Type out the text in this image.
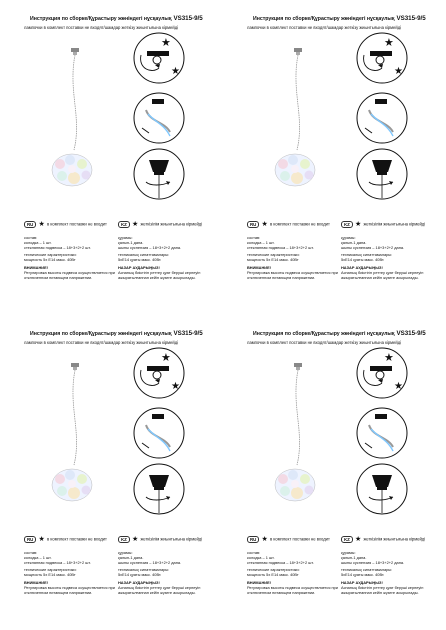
Инструкция по сборке/Құрастыру жөніндегі нұсқаулық VS315-9/5
лампочки в комплект поставки не входят/шамдар жеткізу жиынтығына кірмейді
★
★
RU ★ в комплект поставки не входит	KZ ★ жеткізілім жиынтығына кірмейді
состав:
колодка – 1 шт.
стеклянная подвеска – 18+3+2+2 шт.
технические характеристики:
мощность 5х E14 макс. 40Вт
ВНИМАНИЕ!
Регулировка высоты подвеса осуществляется при отключенном питающем напряжении.
құрамы:
қалып-1 дана.
шыны суспензия – 18+3+2+2 дана.
техникалық сипаттамалары:
5хE14 қуаты макс. 40Вт.
НАЗАР АУДАРЫҢЫЗ!
Аспаның биіктігін реттеу қуат берушi кернеуiн ажыратылғаннан кейiн жүзеге асырылады.
Инструкция по сборке/Құрастыру жөніндегі нұсқаулық VS315-9/5
лампочки в комплект поставки не входят/шамдар жеткізу жиынтығына кірмейді
★
★
RU ★ в комплект поставки не входит	KZ ★ жеткізілім жиынтығына кірмейді
состав:
колодка – 1 шт.
стеклянная подвеска – 18+3+2+2 шт.
технические характеристики:
мощность 5х E14 макс. 40Вт
ВНИМАНИЕ!
Регулировка высоты подвеса осуществляется при отключенном питающем напряжении.
құрамы:
қалып-1 дана.
шыны суспензия – 18+3+2+2 дана.
техникалық сипаттамалары:
5хE14 қуаты макс. 40Вт.
НАЗАР АУДАРЫҢЫЗ!
Аспаның биіктігін реттеу қуат берушi кернеуiн ажыратылғаннан кейiн жүзеге асырылады.
Инструкция по сборке/Құрастыру жөніндегі нұсқаулық VS315-9/5
лампочки в комплект поставки не входят/шамдар жеткізу жиынтығына кірмейді
★
★
RU ★ в комплект поставки не входит	KZ ★ жеткізілім жиынтығына кірмейді
состав:
колодка – 1 шт.
стеклянная подвеска – 18+3+2+2 шт.
технические характеристики:
мощность 5х E14 макс. 40Вт
ВНИМАНИЕ!
Регулировка высоты подвеса осуществляется при отключенном питающем напряжении.
құрамы:
қалып-1 дана.
шыны суспензия – 18+3+2+2 дана.
техникалық сипаттамалары:
5хE14 қуаты макс. 40Вт.
НАЗАР АУДАРЫҢЫЗ!
Аспаның биіктігін реттеу қуат берушi кернеуiн ажыратылғаннан кейiн жүзеге асырылады.
Инструкция по сборке/Құрастыру жөніндегі нұсқаулық VS315-9/5
лампочки в комплект поставки не входят/шамдар жеткізу жиынтығына кірмейді
★
★
RU ★ в комплект поставки не входит	KZ ★ жеткізілім жиынтығына кірмейді
состав:
колодка – 1 шт.
стеклянная подвеска – 18+3+2+2 шт.
технические характеристики:
мощность 5х E14 макс. 40Вт
ВНИМАНИЕ!
Регулировка высоты подвеса осуществляется при отключенном питающем напряжении.
құрамы:
қалып-1 дана.
шыны суспензия – 18+3+2+2 дана.
техникалық сипаттамалары:
5хE14 қуаты макс. 40Вт.
НАЗАР АУДАРЫҢЫЗ!
Аспаның биіктігін реттеу қуат берушi кернеуiн ажыратылғаннан кейiн жүзеге асырылады.
